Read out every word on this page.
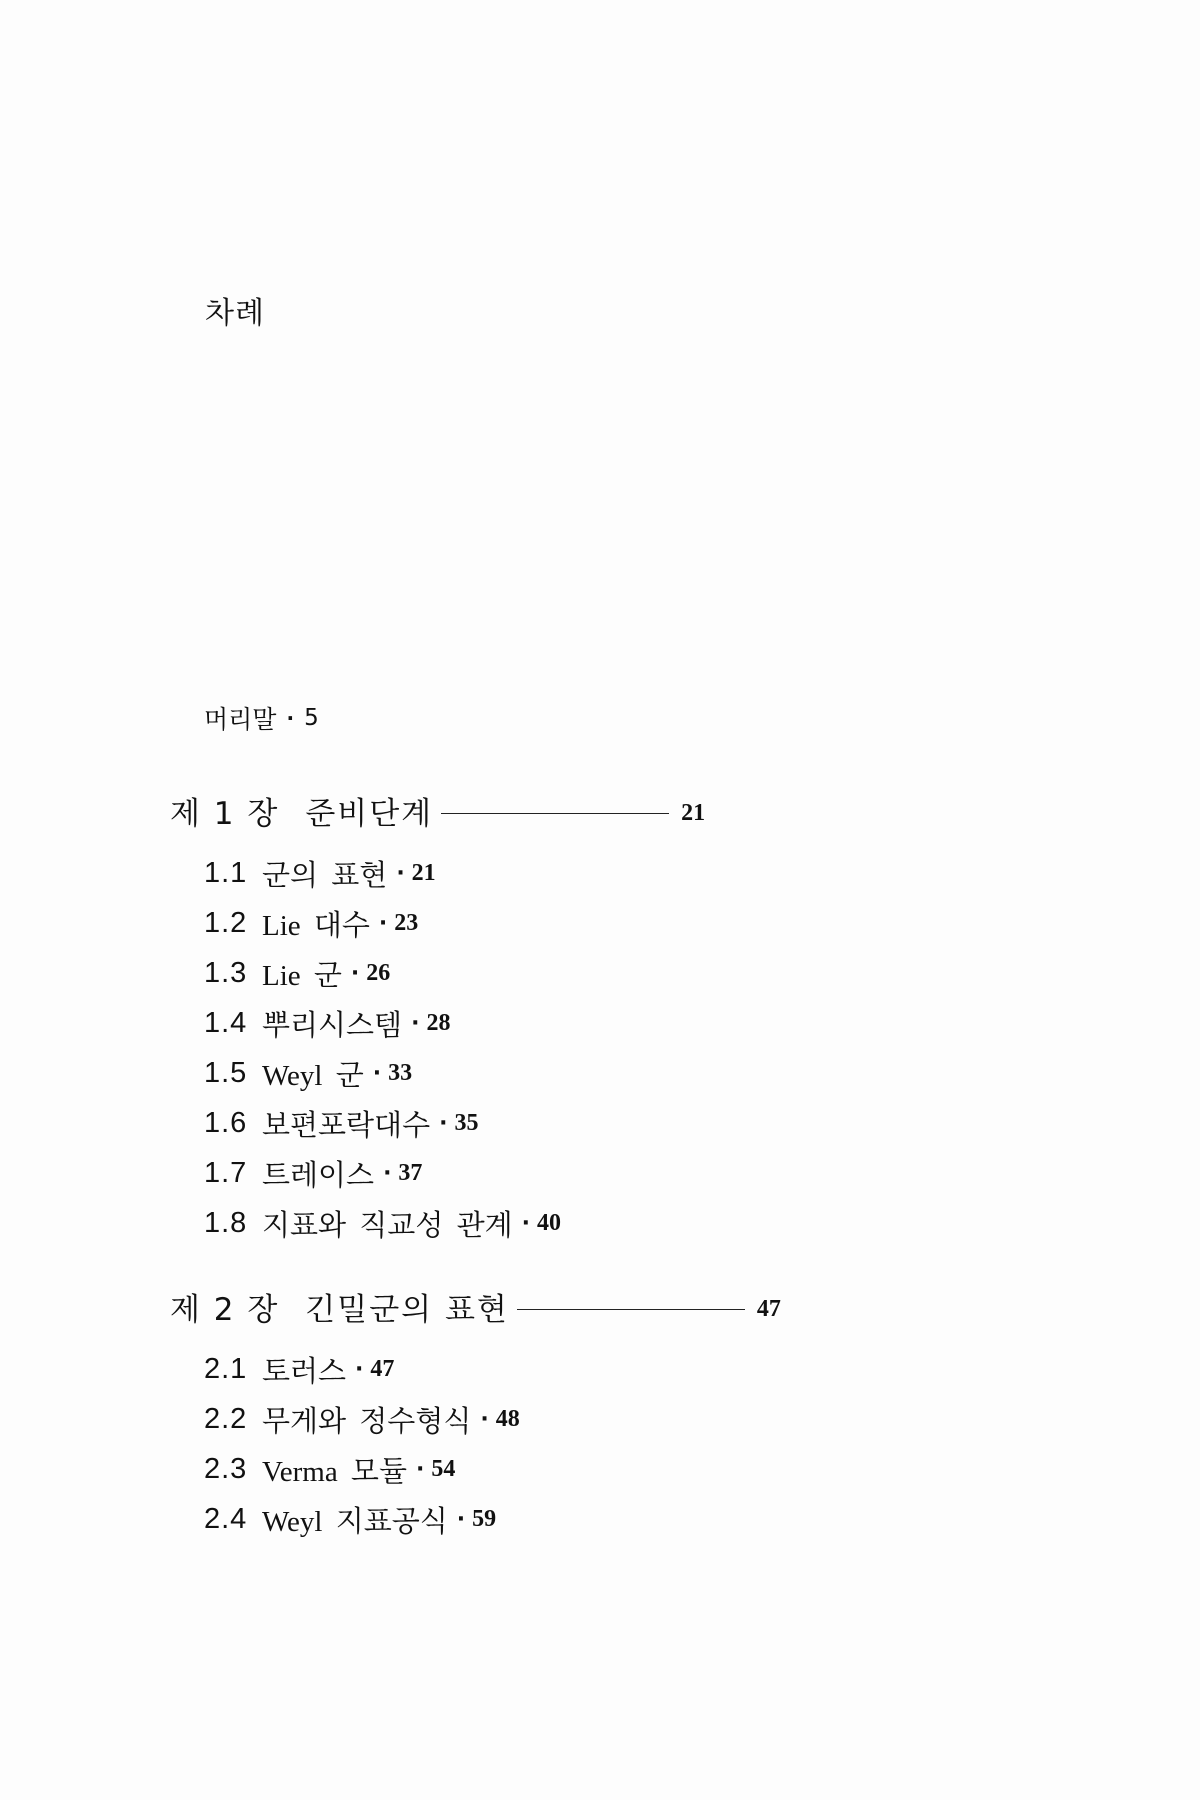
차례
머리말 · 5
제 1 장 준비단계	21
1.1 군의 표현 · 21
1.2 Lie 대수 · 23
1.3 Lie 군 · 26
1.4 뿌리시스템 · 28
1.5 Weyl 군 · 33
1.6 보편포락대수 · 35
1.7 트레이스 · 37
1.8 지표와 직교성 관계 · 40
제 2 장 긴밀군의 표현	47
2.1 토러스 · 47
2.2 무게와 정수형식 · 48
2.3 Verma 모듈 · 54
2.4 Weyl 지표공식 · 59
